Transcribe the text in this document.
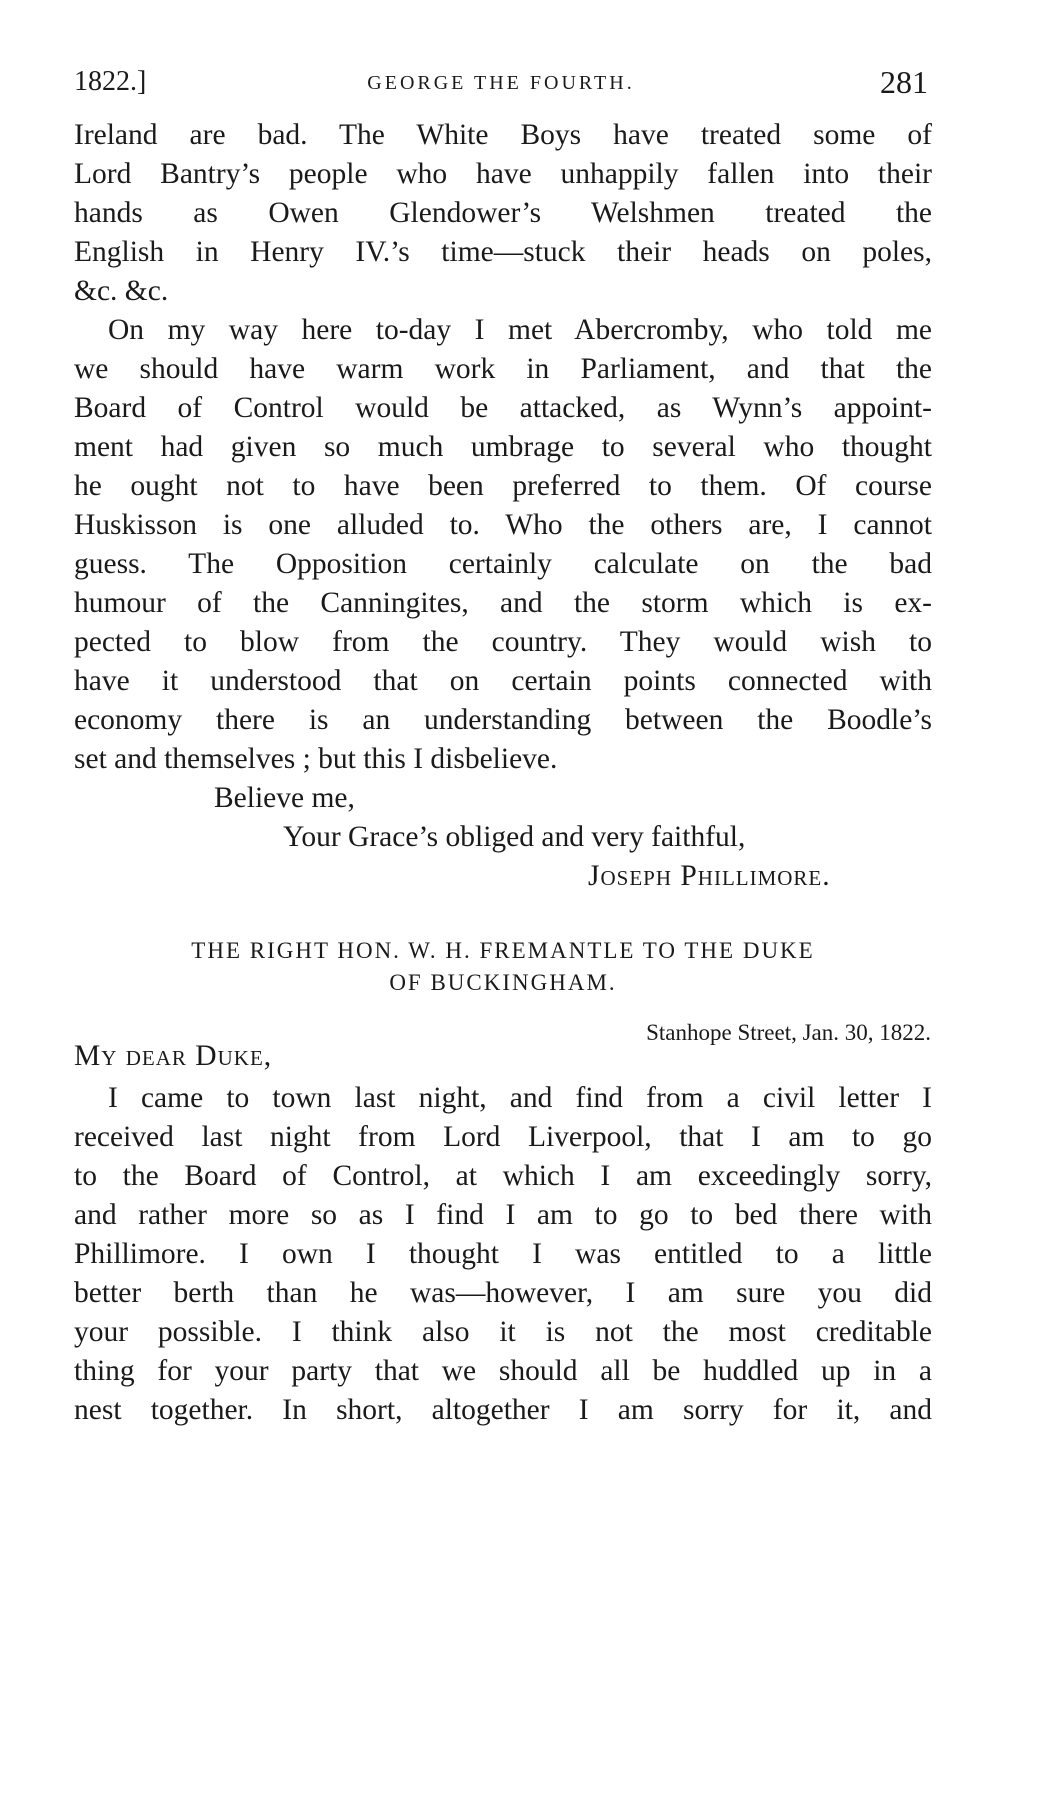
1822.]	GEORGE THE FOURTH.	281
Ireland are bad. The White Boys have treated some of
Lord Bantry’s people who have unhappily fallen into their
hands as Owen Glendower’s Welshmen treated the
English in Henry IV.’s time—stuck their heads on poles,
&c. &c.
On my way here to-day I met Abercromby, who told me
we should have warm work in Parliament, and that the
Board of Control would be attacked, as Wynn’s appoint-
ment had given so much umbrage to several who thought
he ought not to have been preferred to them. Of course
Huskisson is one alluded to. Who the others are, I cannot
guess. The Opposition certainly calculate on the bad
humour of the Canningites, and the storm which is ex-
pected to blow from the country. They would wish to
have it understood that on certain points connected with
economy there is an understanding between the Boodle’s
set and themselves ; but this I disbelieve.
Believe me,
Your Grace’s obliged and very faithful,
Joseph Phillimore.
THE RIGHT HON. W. H. FREMANTLE TO THE DUKE
OF BUCKINGHAM.
Stanhope Street, Jan. 30, 1822.
My dear Duke,
I came to town last night, and find from a civil letter I
received last night from Lord Liverpool, that I am to go
to the Board of Control, at which I am exceedingly sorry,
and rather more so as I find I am to go to bed there with
Phillimore. I own I thought I was entitled to a little
better berth than he was—however, I am sure you did
your possible. I think also it is not the most creditable
thing for your party that we should all be huddled up in a
nest together. In short, altogether I am sorry for it, and
